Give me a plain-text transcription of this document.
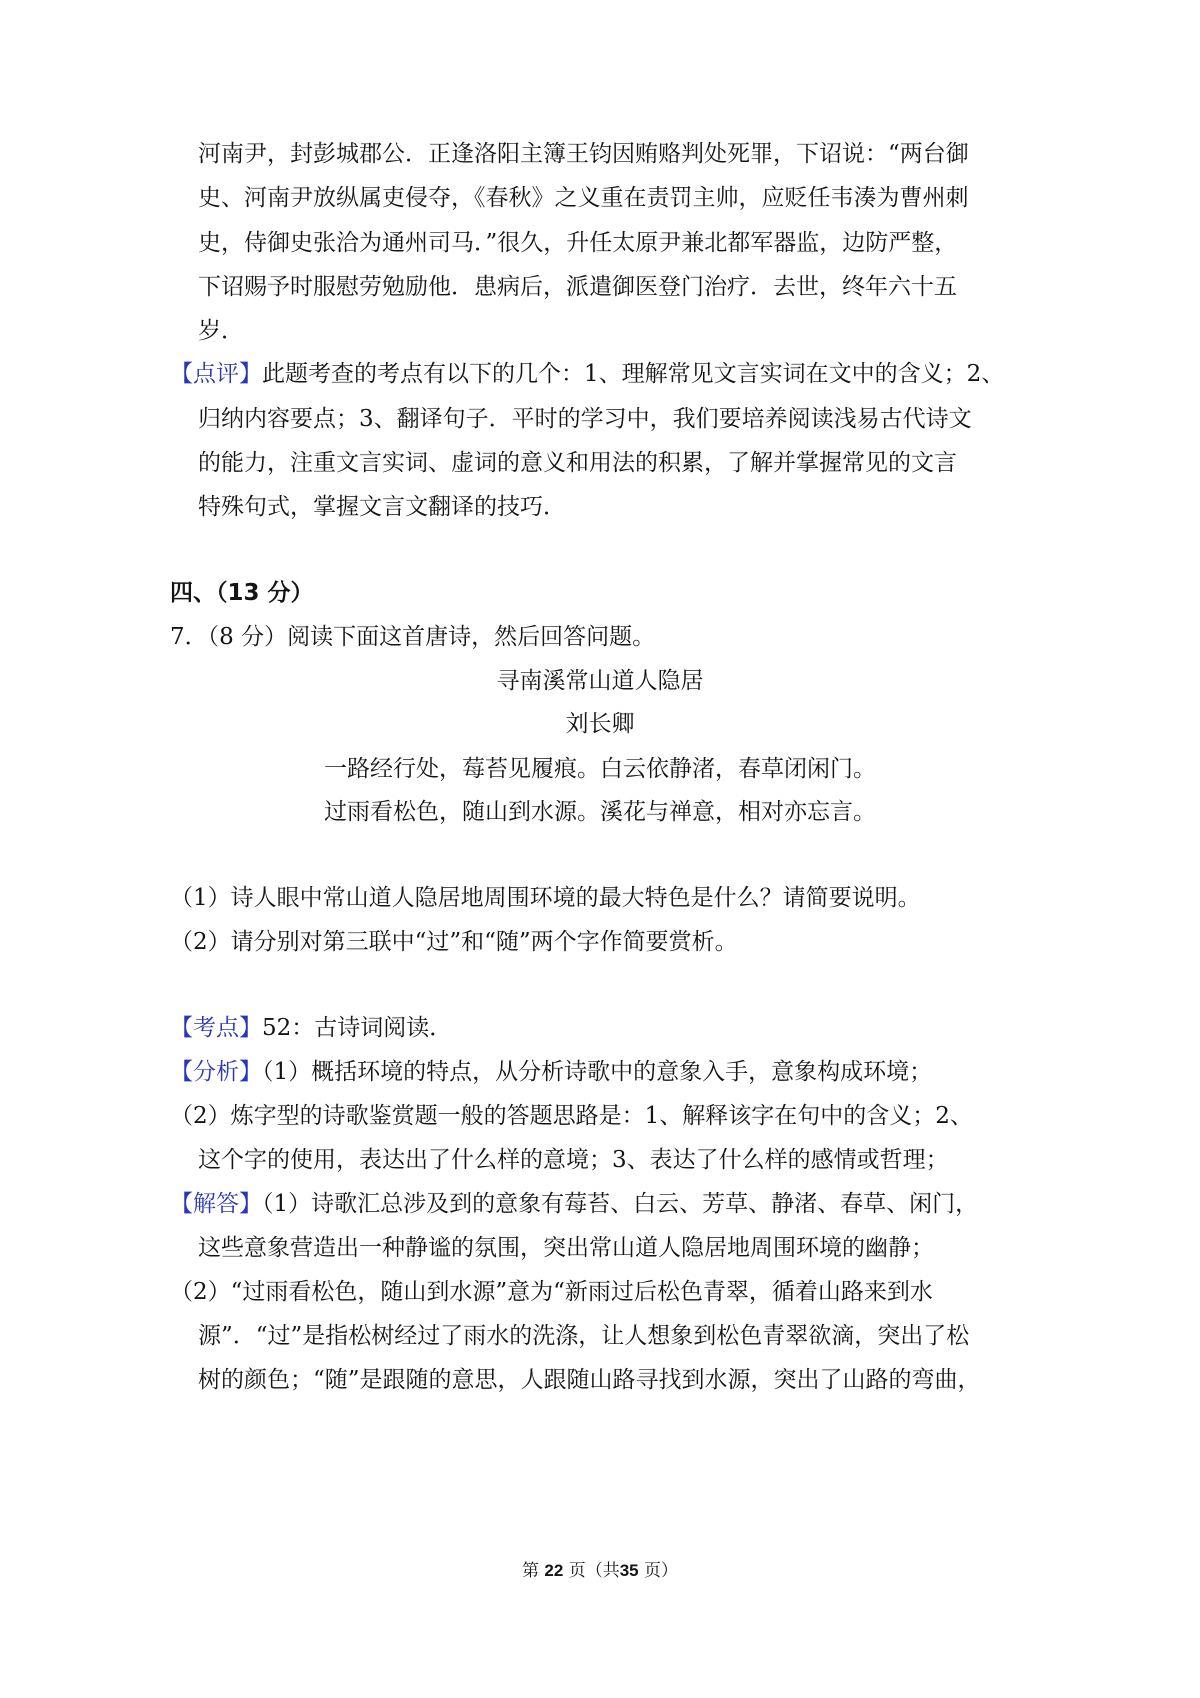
河南尹，封彭城郡公．正逢洛阳主簿王钧因贿赂判处死罪，下诏说：“两台御
史、河南尹放纵属吏侵夺，《春秋》之义重在责罚主帅，应贬任韦湊为曹州刺
史，侍御史张洽为通州司马．”很久，升任太原尹兼北都军器监，边防严整，
下诏赐予时服慰劳勉励他．患病后，派遣御医登门治疗．去世，终年六十五
岁．
【点评】此题考查的考点有以下的几个：1、理解常见文言实词在文中的含义；2、
归纳内容要点；3、翻译句子．平时的学习中，我们要培养阅读浅易古代诗文
的能力，注重文言实词、虚词的意义和用法的积累，了解并掌握常见的文言
特殊句式，掌握文言文翻译的技巧．
四、（13 分）
7．（8 分）阅读下面这首唐诗，然后回答问题。
寻南溪常山道人隐居
刘长卿
一路经行处，莓苔见履痕。白云依静渚，春草闭闲门。
过雨看松色，随山到水源。溪花与禅意，相对亦忘言。
（1）诗人眼中常山道人隐居地周围环境的最大特色是什么？请简要说明。
（2）请分别对第三联中“过”和“随”两个字作简要赏析。
【考点】52：古诗词阅读．
【分析】（1）概括环境的特点，从分析诗歌中的意象入手，意象构成环境；
（2）炼字型的诗歌鉴赏题一般的答题思路是：1、解释该字在句中的含义；2、
这个字的使用，表达出了什么样的意境；3、表达了什么样的感情或哲理；
【解答】（1）诗歌汇总涉及到的意象有莓苔、白云、芳草、静渚、春草、闲门，
这些意象营造出一种静谧的氛围，突出常山道人隐居地周围环境的幽静；
（2）“过雨看松色，随山到水源”意为“新雨过后松色青翠，循着山路来到水
源”．“过”是指松树经过了雨水的洗涤，让人想象到松色青翠欲滴，突出了松
树的颜色；“随”是跟随的意思，人跟随山路寻找到水源，突出了山路的弯曲，
第 22 页（共35 页）
